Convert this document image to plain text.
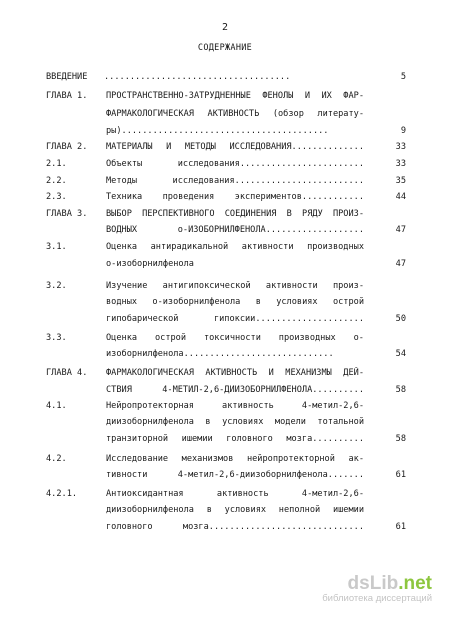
2
СОДЕРЖАНИЕ
ВВЕДЕНИЕ ....................................	5
ГЛАВА 1. ПРОСТРАНСТВЕННО-ЗАТРУДНЕННЫЕ ФЕНОЛЫ И ИХ ФАР-
ФАРМАКОЛОГИЧЕСКАЯ АКТИВНОСТЬ (обзор литерату-
ры)........................................	9
ГЛАВА 2. МАТЕРИАЛЫ И МЕТОДЫ ИССЛЕДОВАНИЯ..............	33
2.1.	Объекты исследования........................	33
2.2.	Методы исследования.........................	35
2.3.	Техника проведения экспериментов............	44
ГЛАВА 3. ВЫБОР ПЕРСПЕКТИВНОГО СОЕДИНЕНИЯ В РЯДУ ПРОИЗ-
ВОДНЫХ о-ИЗОБОРНИЛФЕНОЛА...................	47
3.1.	Оценка антирадикальной активности производных
о-изоборнилфенола	47
3.2.	Изучение антигипоксической активности произ-
водных о-изоборнилфенола в условиях острой
гипобарической гипоксии.....................	50
3.3.	Оценка острой токсичности производных о-
изоборнилфенола.............................	54
ГЛАВА 4. ФАРМАКОЛОГИЧЕСКАЯ АКТИВНОСТЬ И МЕХАНИЗМЫ ДЕЙ-
СТВИЯ 4-МЕТИЛ-2,6-ДИИЗОБОРНИЛФЕНОЛА..........	58
4.1.	Нейропротекторная активность 4-метил-2,6-
диизоборнилфенола в условиях модели тотальной
транзиторной ишемии головного мозга..........	58
4.2.	Исследование механизмов нейропротекторной ак-
тивности 4-метил-2,6-диизоборнилфенола.......	61
4.2.1.	Антиоксидантная активность 4-метил-2,6-
диизоборнилфенола в условиях неполной ишемии
головного мозга..............................	61
dsLib.net
библиотека диссертаций
